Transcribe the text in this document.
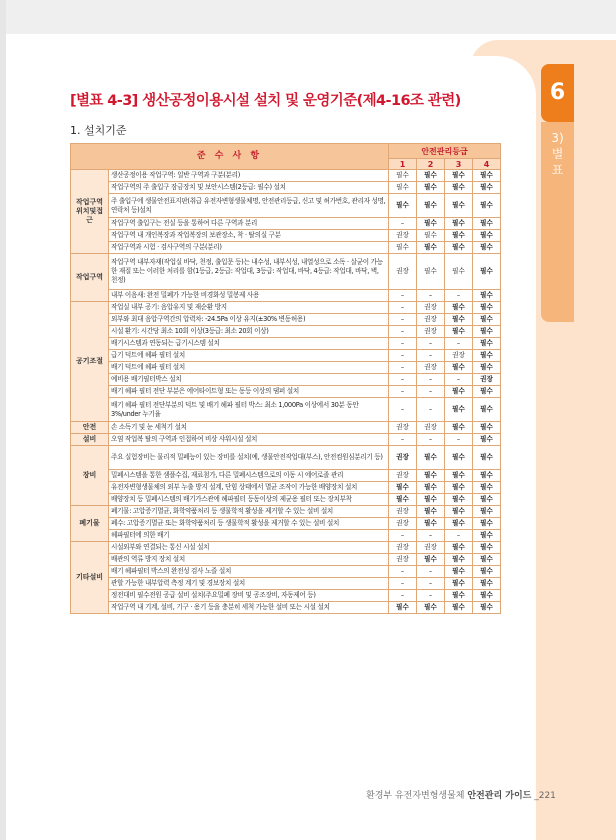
6
3)
별
표
[별표 4-3] 생산공정이용시설 설치 및 운영기준(제4-16조 관련)
1. 설치기준
준 수 사 항		안전관리등급			
		1	2	3	4
작업구역위치및접근	생산공정이용 작업구역: 일반 구역과 구분(분리)	필수	필수	필수	필수
	작업구역의 주 출입구 잠금장치 및 보안시스템(2등급: 필수) 설치	필수	필수	필수	필수
	주 출입구에 생물안전표지판(취급 유전자변형생물체명, 안전관리등급, 신고 및 허가번호, 관리자 성명, 연락처 등)설치	필수	필수	필수	필수
	작업구역 출입구는 전실 등을 통하여 다른 구역과 분리	–	필수	필수	필수
	작업구역 내 개인복장과 작업복장의 보관장소, 착 · 탈의실 구분	권장	필수	필수	필수
	작업구역과 시험 · 검사구역의 구분(분리)	필수	필수	필수	필수
작업구역	작업구역 내부자재(작업실 바닥, 천정, 출입문 등)는 내수성, 내부식성, 내열성으로 소독 · 살균이 가능한 재질 또는 이러한 처리를 함(1등급, 2등급: 작업대, 3등급: 작업대, 바닥, 4등급: 작업대, 바닥, 벽, 천정)	권장	필수	필수	필수
	내부 이음새: 완전 밀폐가 가능한 비경화성 밀봉제 사용	–	–	–	필수
공기조절	작업실 내부 공기: 음압유지 및 재순환 방지	–	권장	필수	필수
	외부와 최대 음압구역간의 압력차: -24.5Pa 이상 유지(±30% 변동허용)	–	권장	필수	필수
	시설 환기: 시간당 최소 10회 이상(3등급: 최소 20회 이상)	–	권장	필수	필수
	배기시스템과 연동되는 급기시스템 설치	–	–	–	필수
	급기 덕트에 헤파 필터 설치	–	–	권장	필수
	배기 덕트에 헤파 필터 설치	–	권장	필수	필수
	예비용 배기필터박스 설치	–	–	–	권장
	배기 헤파 필터 전단 부분은 에어타이트형 또는 동등 이상의 댐퍼 설치	–	–	필수	필수
	배기 헤파 필터 전단부분의 덕트 및 배기 헤파 필터 박스: 최소 1,000Pa 이상에서 30분 동안 3%/under 누기율	–	–	필수	필수
안전	손 소독기 및 눈 세척기 설치	권장	권장	필수	필수
설비	오염 작업복 탈의 구역과 인접하여 비상 샤워시설 설치	–	–	–	필수
장비	주요 실험장비는 물리적 밀폐능이 있는 장비를 설치(예, 생물안전작업대(부스), 안전컴원심분리기 등)	권장	필수	필수	필수
	밀폐시스템을 통한 샘플수집, 재료첨가, 다른 밀폐시스템으로의 이동 시 에어로졸 관리	권장	필수	필수	필수
	유전자변형생물체의 외부 누출 방지 설계, 단힘 상태에서 멸균 조작이 가능한 배양장치 설치	필수	필수	필수	필수
	배양장치 등 밀폐시스템의 배기가스관에 헤파필터 등동이상의 제균용 필터 또는 장치부착	필수	필수	필수	필수
폐기물	폐기물: 고압증기멸균, 화학약품처리 등 생물학적 활성을 제거할 수 있는 설비 설치	권장	필수	필수	필수
	폐수: 고압증기멸균 또는 화학약품처리 등 생물학적 활성을 제거할 수 있는 설비 설치	권장	필수	필수	필수
	헤파필터에 의한 배기	–	–	–	필수
기타설비	시설외부와 연결되는 통신 시설 설치	권장	권장	필수	필수
	배관의 역류 방지 장치 설치	권장	필수	필수	필수
	배기 헤파필터 박스의 완전성 검사 노즐 설치	–	–	필수	필수
	관할 가능한 내부압력 측정 계기 및 경보장치 설치	–	–	필수	필수
	정전대비 필수전원 공급 설비 설치(주요밀폐 장비 및 공조장비, 자동제어 등)	–	–	필수	필수
	작업구역 내 기계, 설비, 기구 · 용기 등을 충분히 세척 가능한 설비 또는 시설 설치	필수	필수	필수	필수
환경부 유전자변형생물체 안전관리 가이드 _221
